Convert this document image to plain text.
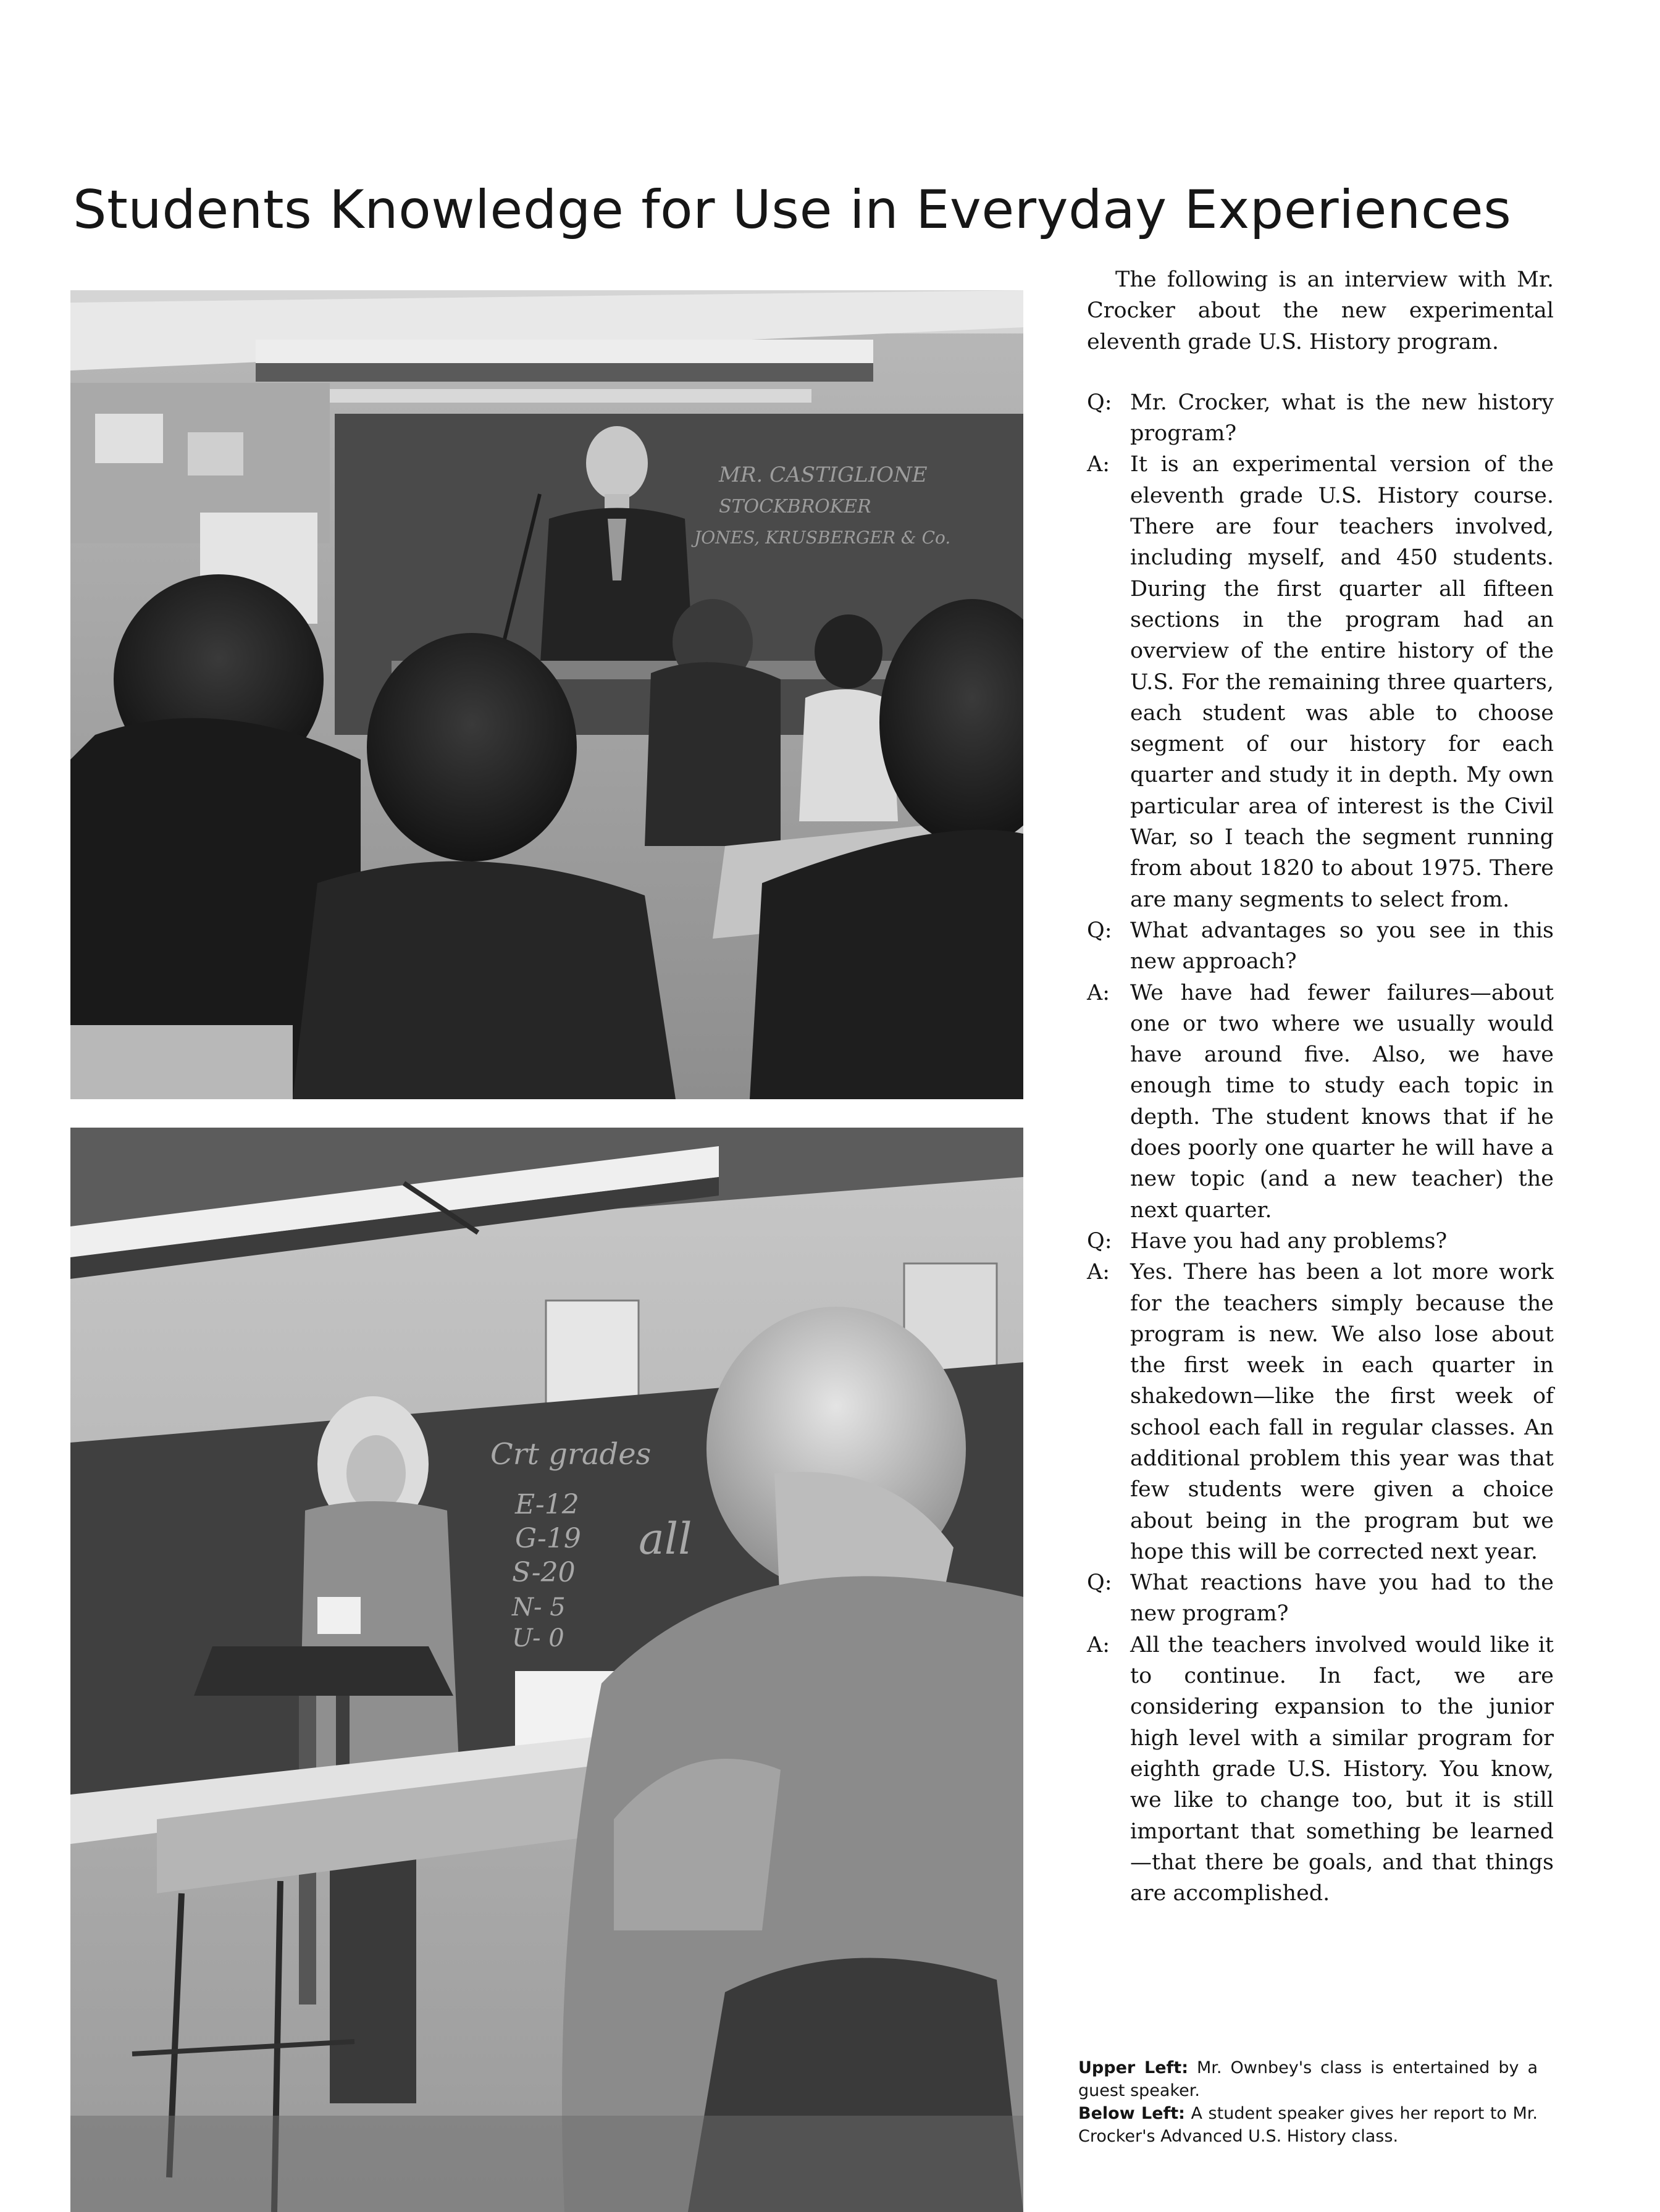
Students Knowledge for Use in Everyday Experiences
MR. CASTIGLIONE
STOCKBROKER
JONES, KRUSBERGER & Co.
Crt grades
E-12
G-19
S-20
N- 5
U- 0
all

The following is an interview with Mr. Crocker about the new experimental eleventh grade U.S. History program.

Q: Mr. Crocker, what is the new history program?

A: It is an experimental version of the eleventh grade U.S. History course. There are four teachers involved, including myself, and 450 students. During the first quarter all fifteen sections in the program had an overview of the entire history of the U.S. For the remaining three quarters, each student was able to choose segment of our history for each quarter and study it in depth. My own particular area of interest is the Civil War, so I teach the segment running from about 1820 to about 1975. There are many segments to select from.

Q: What advantages so you see in this new approach?

A: We have had fewer failures—about one or two where we usually would have around five. Also, we have enough time to study each topic in depth. The student knows that if he does poorly one quarter he will have a new topic (and a new teacher) the next quarter.

Q: Have you had any problems?

A: Yes. There has been a lot more work for the teachers simply because the program is new. We also lose about the first week in each quarter in shakedown—like the first week of school each fall in regular classes. An additional problem this year was that few students were given a choice about being in the program but we hope this will be corrected next year.

Q: What reactions have you had to the new program?

A: All the teachers involved would like it to continue. In fact, we are considering expansion to the junior high level with a similar program for eighth grade U.S. History. You know, we like to change too, but it is still important that something be learned—that there be goals, and that things are accomplished.

Upper Left: Mr. Ownbey's class is entertained by a guest speaker.

Below Left: A student speaker gives her report to Mr. Crocker's Advanced U.S. History class.
